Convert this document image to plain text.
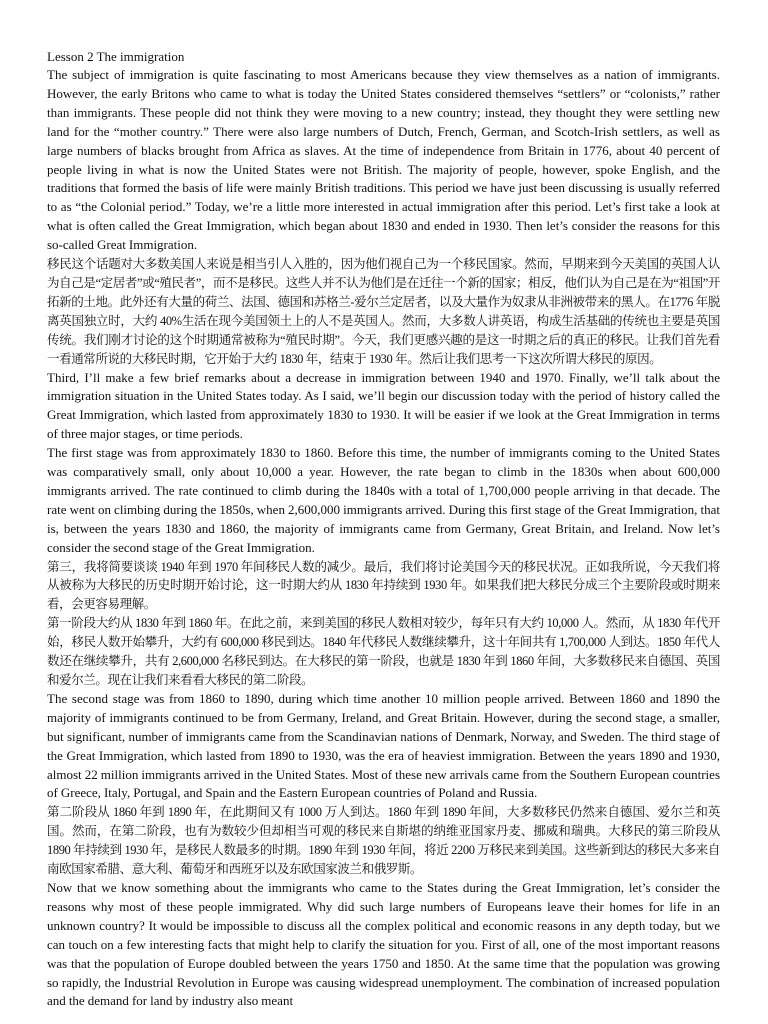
Lesson 2 The immigration

The subject of immigration is quite fascinating to most Americans because they view themselves as a nation of immigrants. However, the early Britons who came to what is today the United States considered themselves “settlers” or “colonists,” rather than immigrants. These people did not think they were moving to a new country; instead, they thought they were settling new land for the “mother country.” There were also large numbers of Dutch, French, German, and Scotch-Irish settlers, as well as large numbers of blacks brought from Africa as slaves. At the time of independence from Britain in 1776, about 40 percent of people living in what is now the United States were not British. The majority of people, however, spoke English, and the traditions that formed the basis of life were mainly British traditions. This period we have just been discussing is usually referred to as “the Colonial period.” Today, we’re a little more interested in actual immigration after this period. Let’s first take a look at what is often called the Great Immigration, which began about 1830 and ended in 1930. Then let’s consider the reasons for this so-called Great Immigration.

移民这个话题对大多数美国人来说是相当引人入胜的，因为他们视自己为一个移民国家。然而，早期来到今天美国的英国人认为自己是“定居者”或“殖民者”，而不是移民。这些人并不认为他们是在迁往一个新的国家；相反，他们认为自己是在为“祖国”开拓新的土地。此外还有大量的荷兰、法国、德国和苏格兰-爱尔兰定居者，以及大量作为奴隶从非洲被带来的黑人。在1776 年脱离英国独立时，大约 40%生活在现今美国领土上的人不是英国人。然而，大多数人讲英语，构成生活基础的传统也主要是英国传统。我们刚才讨论的这个时期通常被称为“殖民时期”。今天，我们更感兴趣的是这一时期之后的真正的移民。让我们首先看一看通常所说的大移民时期，它开始于大约 1830 年，结束于 1930 年。然后让我们思考一下这次所谓大移民的原因。

Third, I’ll make a few brief remarks about a decrease in immigration between 1940 and 1970. Finally, we’ll talk about the immigration situation in the United States today. As I said, we’ll begin our discussion today with the period of history called the Great Immigration, which lasted from approximately 1830 to 1930. It will be easier if we look at the Great Immigration in terms of three major stages, or time periods.

The first stage was from approximately 1830 to 1860. Before this time, the number of immigrants coming to the United States was comparatively small, only about 10,000 a year. However, the rate began to climb in the 1830s when about 600,000 immigrants arrived. The rate continued to climb during the 1840s with a total of 1,700,000 people arriving in that decade. The rate went on climbing during the 1850s, when 2,600,000 immigrants arrived. During this first stage of the Great Immigration, that is, between the years 1830 and 1860, the majority of immigrants came from Germany, Great Britain, and Ireland. Now let’s consider the second stage of the Great Immigration.

第三，我将简要谈谈 1940 年到 1970 年间移民人数的减少。最后，我们将讨论美国今天的移民状况。正如我所说，今天我们将从被称为大移民的历史时期开始讨论，这一时期大约从 1830 年持续到 1930 年。如果我们把大移民分成三个主要阶段或时期来看，会更容易理解。

第一阶段大约从 1830 年到 1860 年。在此之前，来到美国的移民人数相对较少，每年只有大约 10,000 人。然而，从 1830 年代开始，移民人数开始攀升，大约有 600,000 移民到达。1840 年代移民人数继续攀升，这十年间共有 1,700,000 人到达。1850 年代人数还在继续攀升，共有 2,600,000 名移民到达。在大移民的第一阶段，也就是 1830 年到 1860 年间，大多数移民来自德国、英国和爱尔兰。现在让我们来看看大移民的第二阶段。

The second stage was from 1860 to 1890, during which time another 10 million people arrived. Between 1860 and 1890 the majority of immigrants continued to be from Germany, Ireland, and Great Britain. However, during the second stage, a smaller, but significant, number of immigrants came from the Scandinavian nations of Denmark, Norway, and Sweden. The third stage of the Great Immigration, which lasted from 1890 to 1930, was the era of heaviest immigration. Between the years 1890 and 1930, almost 22 million immigrants arrived in the United States. Most of these new arrivals came from the Southern European countries of Greece, Italy, Portugal, and Spain and the Eastern European countries of Poland and Russia.

第二阶段从 1860 年到 1890 年，在此期间又有 1000 万人到达。1860 年到 1890 年间，大多数移民仍然来自德国、爱尔兰和英国。然而，在第二阶段，也有为数较少但却相当可观的移民来自斯堪的纳维亚国家丹麦、挪威和瑞典。大移民的第三阶段从 1890 年持续到 1930 年，是移民人数最多的时期。1890 年到 1930 年间，将近 2200 万移民来到美国。这些新到达的移民大多来自南欧国家希腊、意大利、葡萄牙和西班牙以及东欧国家波兰和俄罗斯。

Now that we know something about the immigrants who came to the States during the Great Immigration, let’s consider the reasons why most of these people immigrated. Why did such large numbers of Europeans leave their homes for life in an unknown country? It would be impossible to discuss all the complex political and economic reasons in any depth today, but we can touch on a few interesting facts that might help to clarify the situation for you. First of all, one of the most important reasons was that the population of Europe doubled between the years 1750 and 1850. At the same time that the population was growing so rapidly, the Industrial Revolution in Europe was causing widespread unemployment. The combination of increased population and the demand for land by industry also meant
